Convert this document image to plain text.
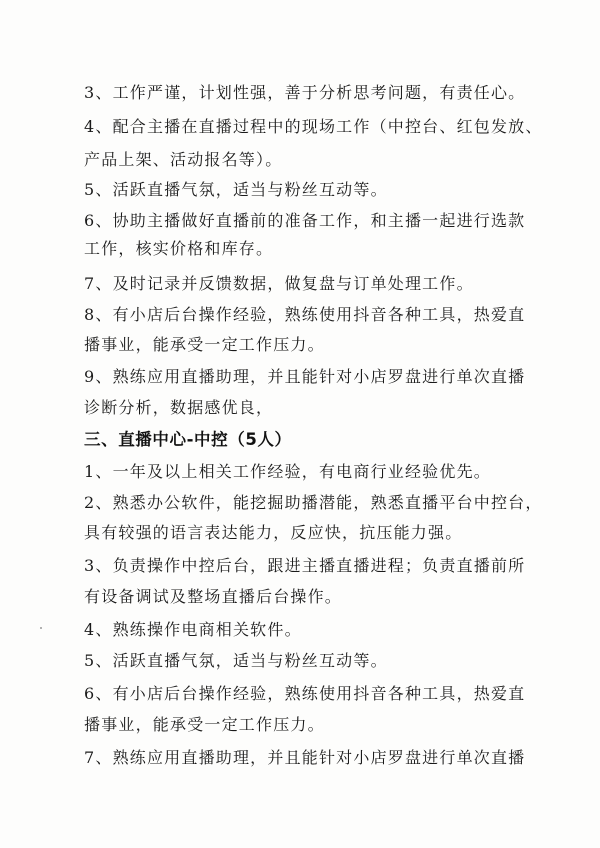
3、工作严谨，计划性强，善于分析思考问题，有责任心。
4、配合主播在直播过程中的现场工作（中控台、红包发放、
产品上架、活动报名等）。
5、活跃直播气氛，适当与粉丝互动等。
6、协助主播做好直播前的准备工作，和主播一起进行选款
工作，核实价格和库存。
7、及时记录并反馈数据，做复盘与订单处理工作。
8、有小店后台操作经验，熟练使用抖音各种工具，热爱直
播事业，能承受一定工作压力。
9、熟练应用直播助理，并且能针对小店罗盘进行单次直播
诊断分析，数据感优良，
三、直播中心-中控（5人）
1、一年及以上相关工作经验，有电商行业经验优先。
2、熟悉办公软件，能挖掘助播潜能，熟悉直播平台中控台，
具有较强的语言表达能力，反应快，抗压能力强。
3、负责操作中控后台，跟进主播直播进程；负责直播前所
有设备调试及整场直播后台操作。
4、熟练操作电商相关软件。
5、活跃直播气氛，适当与粉丝互动等。
6、有小店后台操作经验，熟练使用抖音各种工具，热爱直
播事业，能承受一定工作压力。
7、熟练应用直播助理，并且能针对小店罗盘进行单次直播
